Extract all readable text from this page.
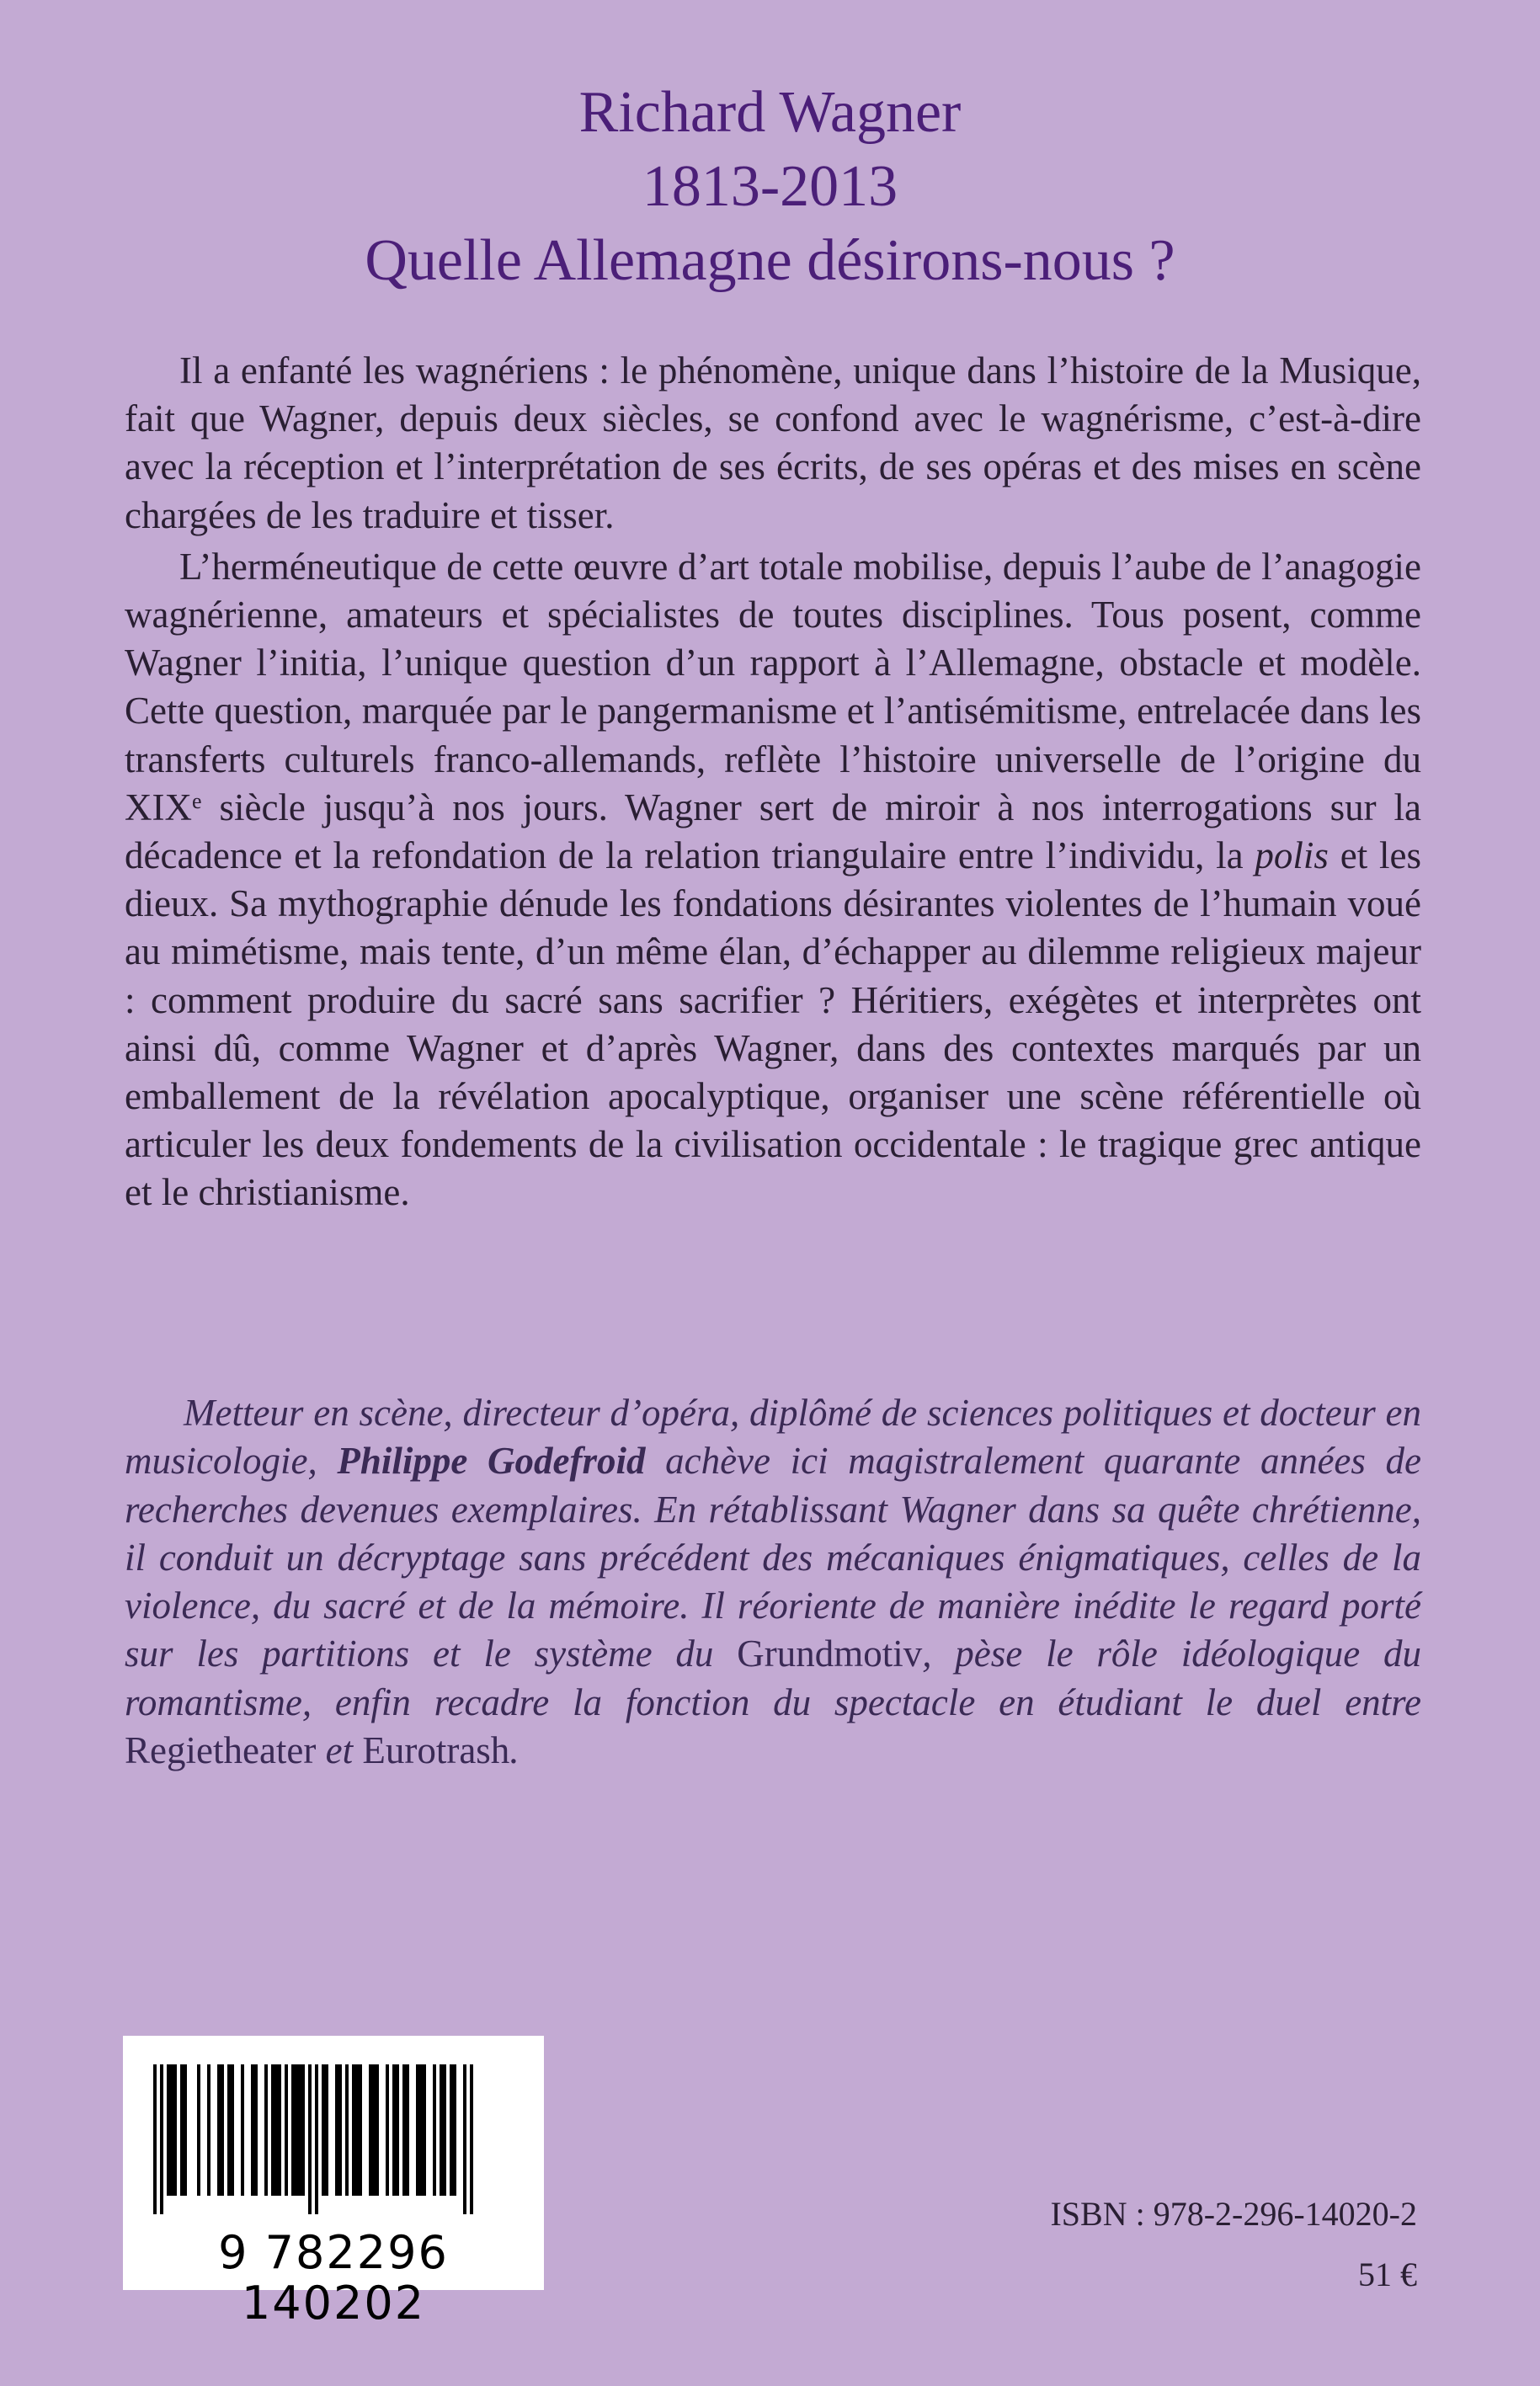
Richard Wagner
1813-2013
Quelle Allemagne désirons-nous ?

Il a enfanté les wagnériens : le phénomène, unique dans l’histoire de la Musique, fait que Wagner, depuis deux siècles, se confond avec le wagnérisme, c’est-à-dire avec la réception et l’interprétation de ses écrits, de ses opéras et des mises en scène chargées de les traduire et tisser.

L’herméneutique de cette œuvre d’art totale mobilise, depuis l’aube de l’anagogie wagnérienne, amateurs et spécialistes de toutes disciplines. Tous posent, comme Wagner l’initia, l’unique question d’un rapport à l’Allemagne, obstacle et modèle. Cette question, marquée par le pangermanisme et l’antisémitisme, entrelacée dans les transferts culturels franco-allemands, reflète l’histoire universelle de l’origine du XIXe siècle jusqu’à nos jours. Wagner sert de miroir à nos interrogations sur la décadence et la refondation de la relation triangulaire entre l’individu, la polis et les dieux. Sa mythographie dénude les fondations désirantes violentes de l’humain voué au mimétisme, mais tente, d’un même élan, d’échapper au dilemme religieux majeur : comment produire du sacré sans sacrifier ? Héritiers, exégètes et interprètes ont ainsi dû, comme Wagner et d’après Wagner, dans des contextes marqués par un emballement de la révélation apocalyptique, organiser une scène référentielle où articuler les deux fondements de la civilisation occidentale : le tragique grec antique et le christianisme.

Metteur en scène, directeur d’opéra, diplômé de sciences politiques et docteur en musicologie, Philippe Godefroid achève ici magistralement quarante années de recherches devenues exemplaires. En rétablissant Wagner dans sa quête chrétienne, il conduit un décryptage sans précédent des mécaniques énigmatiques, celles de la violence, du sacré et de la mémoire. Il réoriente de manière inédite le regard porté sur les partitions et le système du Grundmotiv, pèse le rôle idéologique du romantisme, enfin recadre la fonction du spectacle en étudiant le duel entre Regietheater et Eurotrash.

9 782296 140202
ISBN : 978-2-296-14020-2
51 €
